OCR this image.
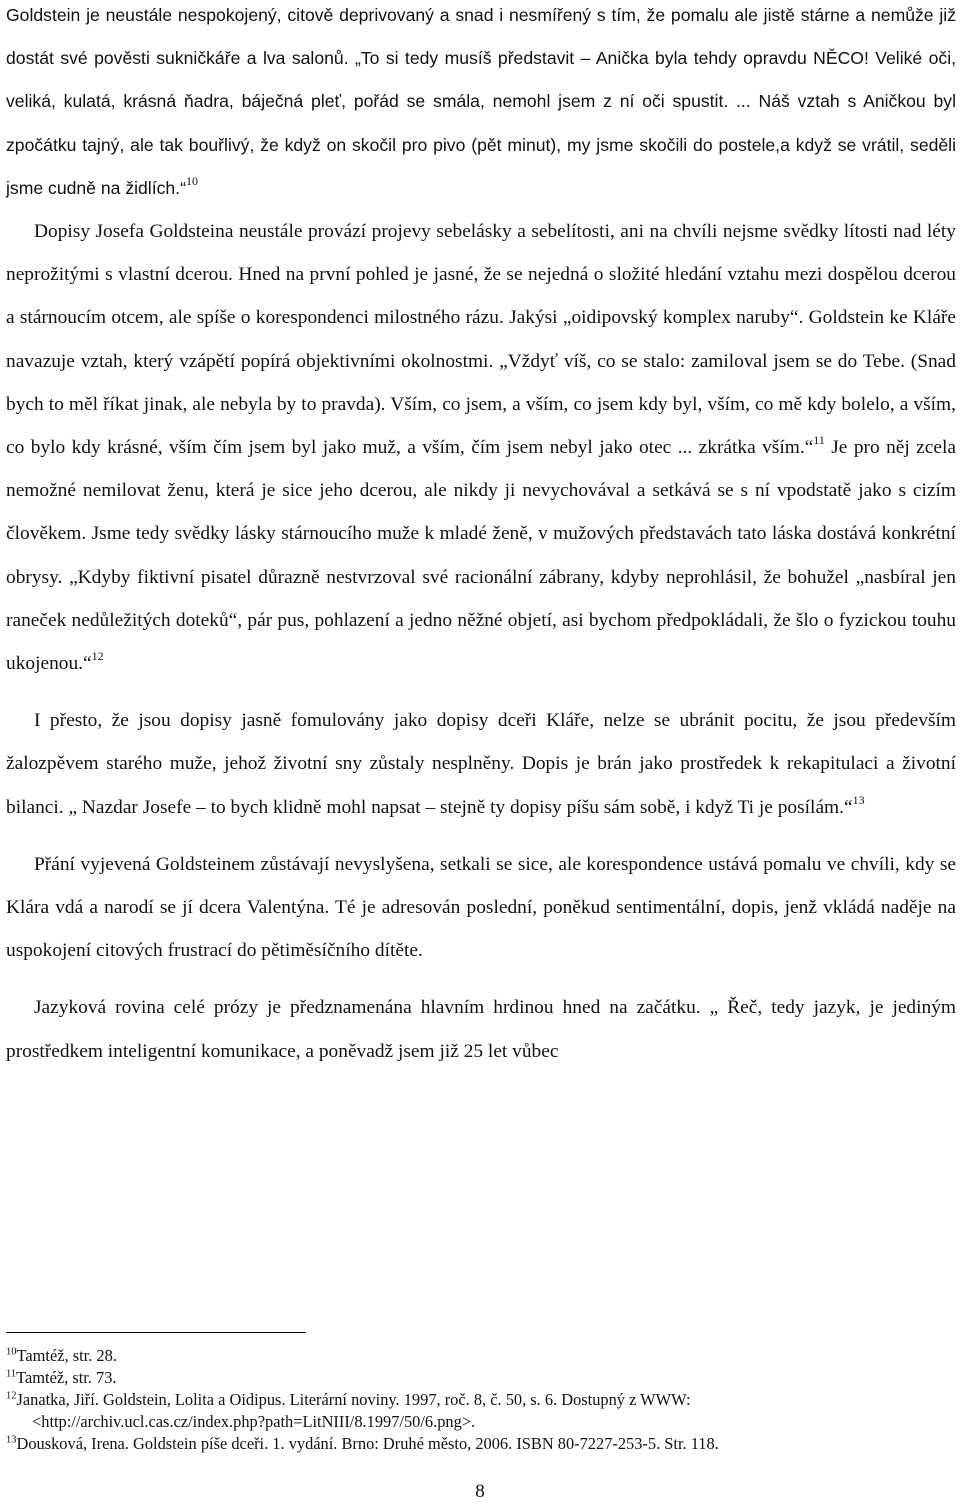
Goldstein je neustále nespokojený, citově deprivovaný a snad i nesmířený s tím, že pomalu ale jistě stárne a nemůže již dostát své pověsti sukničkáře a lva salonů. „To si tedy musíš představit – Anička byla tehdy opravdu NĚCO! Veliké oči, veliká, kulatá, krásná ňadra, báječná pleť, pořád se smála, nemohl jsem z ní oči spustit. ... Náš vztah s Aničkou byl zpočátku tajný, ale tak bouřlivý, že když on skočil pro pivo (pět minut), my jsme skočili do postele,a když se vrátil, seděli jsme cudně na židlích.“$^{10}$

Dopisy Josefa Goldsteina neustále provází projevy sebelásky a sebelítosti, ani na chvíli nejsme svědky lítosti nad léty neprožitými s vlastní dcerou. Hned na první pohled je jasné, že se nejedná o složité hledání vztahu mezi dospělou dcerou a stárnoucím otcem, ale spíše o korespondenci milostného rázu. Jakýsi „oidipovský komplex naruby“. Goldstein ke Kláře navazuje vztah, který vzápětí popírá objektivními okolnostmi. „Vždyť víš, co se stalo: zamiloval jsem se do Tebe. (Snad bych to měl říkat jinak, ale nebyla by to pravda). Vším, co jsem, a vším, co jsem kdy byl, vším, co mě kdy bolelo, a vším, co bylo kdy krásné, vším čím jsem byl jako muž, a vším, čím jsem nebyl jako otec ... zkrátka vším.“$^{11}$ Je pro něj zcela nemožné nemilovat ženu, která je sice jeho dcerou, ale nikdy ji nevychovával a setkává se s ní vpodstatě jako s cizím člověkem. Jsme tedy svědky lásky stárnoucího muže k mladé ženě, v mužových představách tato láska dostává konkrétní obrysy. „Kdyby fiktivní pisatel důrazně nestvrzoval své racionální zábrany, kdyby neprohlásil, že bohužel „nasbíral jen raneček nedůležitých doteků“, pár pus, pohlazení a jedno něžné objetí, asi bychom předpokládali, že šlo o fyzickou touhu ukojenou.“$^{12}$

I přesto, že jsou dopisy jasně fomulovány jako dopisy dceři Kláře, nelze se ubránit pocitu, že jsou především žalozpěvem starého muže, jehož životní sny zůstaly nesplněny. Dopis je brán jako prostředek k rekapitulaci a životní bilanci. „ Nazdar Josefe – to bych klidně mohl napsat – stejně ty dopisy píšu sám sobě, i když Ti je posílám.“$^{13}$

Přání vyjevená Goldsteinem zůstávají nevyslyšena, setkali se sice, ale korespondence ustává pomalu ve chvíli, kdy se Klára vdá a narodí se jí dcera Valentýna. Té je adresován poslední, poněkud sentimentální, dopis, jenž vkládá naděje na uspokojení citových frustrací do pětiměsíčního dítěte.

Jazyková rovina celé prózy je předznamenána hlavním hrdinou hned na začátku. „ Řeč, tedy jazyk, je jediným prostředkem inteligentní komunikace, a poněvadž jsem již 25 let vůbec

$^{10}$Tamtéž, str. 28.

$^{11}$Tamtéž, str. 73.

$^{12}$Janatka, Jiří. Goldstein, Lolita a Oidipus. Literární noviny. 1997, roč. 8, č. 50, s. 6. Dostupný z WWW:

<http://archiv.ucl.cas.cz/index.php?path=LitNIII/8.1997/50/6.png>.

$^{13}$Dousková, Irena. Goldstein píše dceři. 1. vydání. Brno: Druhé město, 2006. ISBN 80-7227-253-5. Str. 118.

8
